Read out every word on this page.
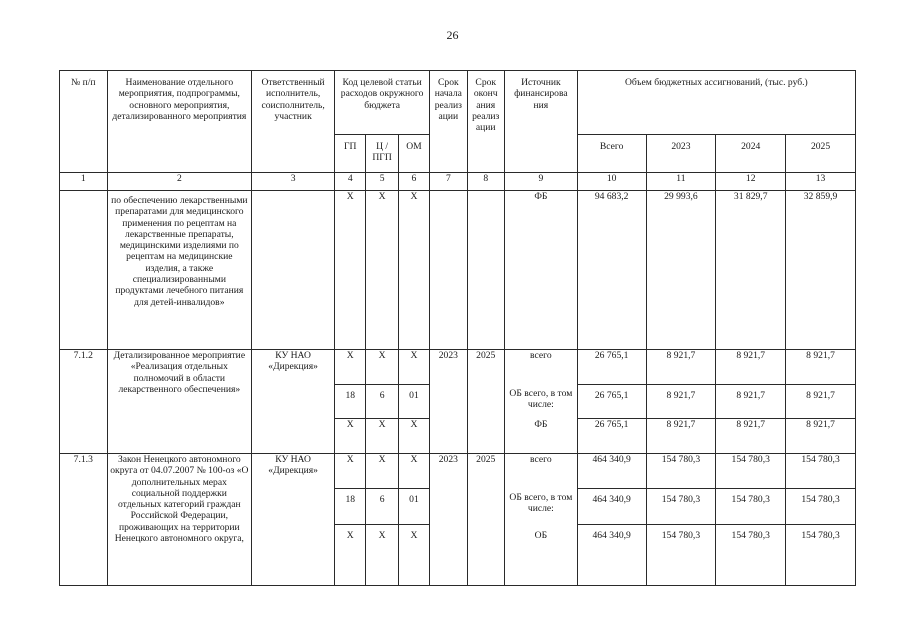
26
№ п/п	Наименование отдельного мероприятия, подпрограммы, основного мероприятия, детализированного мероприятия	Ответственный исполнитель, соисполнитель, участник	Код целевой статьи расходов окружного бюджета			Срок начала реализ ации	Срок оконч ания реализ ации	Источник финансирова ния	Объем бюджетных ассигнований, (тыс. руб.)			
			ГП	Ц / ПГП	ОМ				Всего	2023	2024	2025
1	2	3	4	5	6	7	8	9	10	11	12	13
	по обеспечению лекарственными препаратами для медицинского применения по рецептам на лекарственные препараты, медицинскими изделиями по рецептам на медицинские изделия, а также специализированными продуктами лечебного питания для детей-инвалидов»		Х	Х	Х			ФБ	94 683,2	29 993,6	31 829,7	32 859,9
7.1.2	Детализированное мероприятие «Реализация отдельных полномочий в области лекарственного обеспечения»	КУ НАО «Дирекция»	Х	Х	Х	2023	2025	всего	26 765,1	8 921,7	8 921,7	8 921,7
			18	6	01			ОБ всего, в том числе:	26 765,1	8 921,7	8 921,7	8 921,7
			Х	Х	Х			ФБ	26 765,1	8 921,7	8 921,7	8 921,7
7.1.3	Закон Ненецкого автономного округа от 04.07.2007 № 100-оз «О дополнительных мерах социальной поддержки отдельных категорий граждан Российской Федерации, проживающих на территории Ненецкого автономного округа,	КУ НАО «Дирекция»	Х	Х	Х	2023	2025	всего	464 340,9	154 780,3	154 780,3	154 780,3
			18	6	01			ОБ всего, в том числе:	464 340,9	154 780,3	154 780,3	154 780,3
			Х	Х	Х			ОБ	464 340,9	154 780,3	154 780,3	154 780,3
